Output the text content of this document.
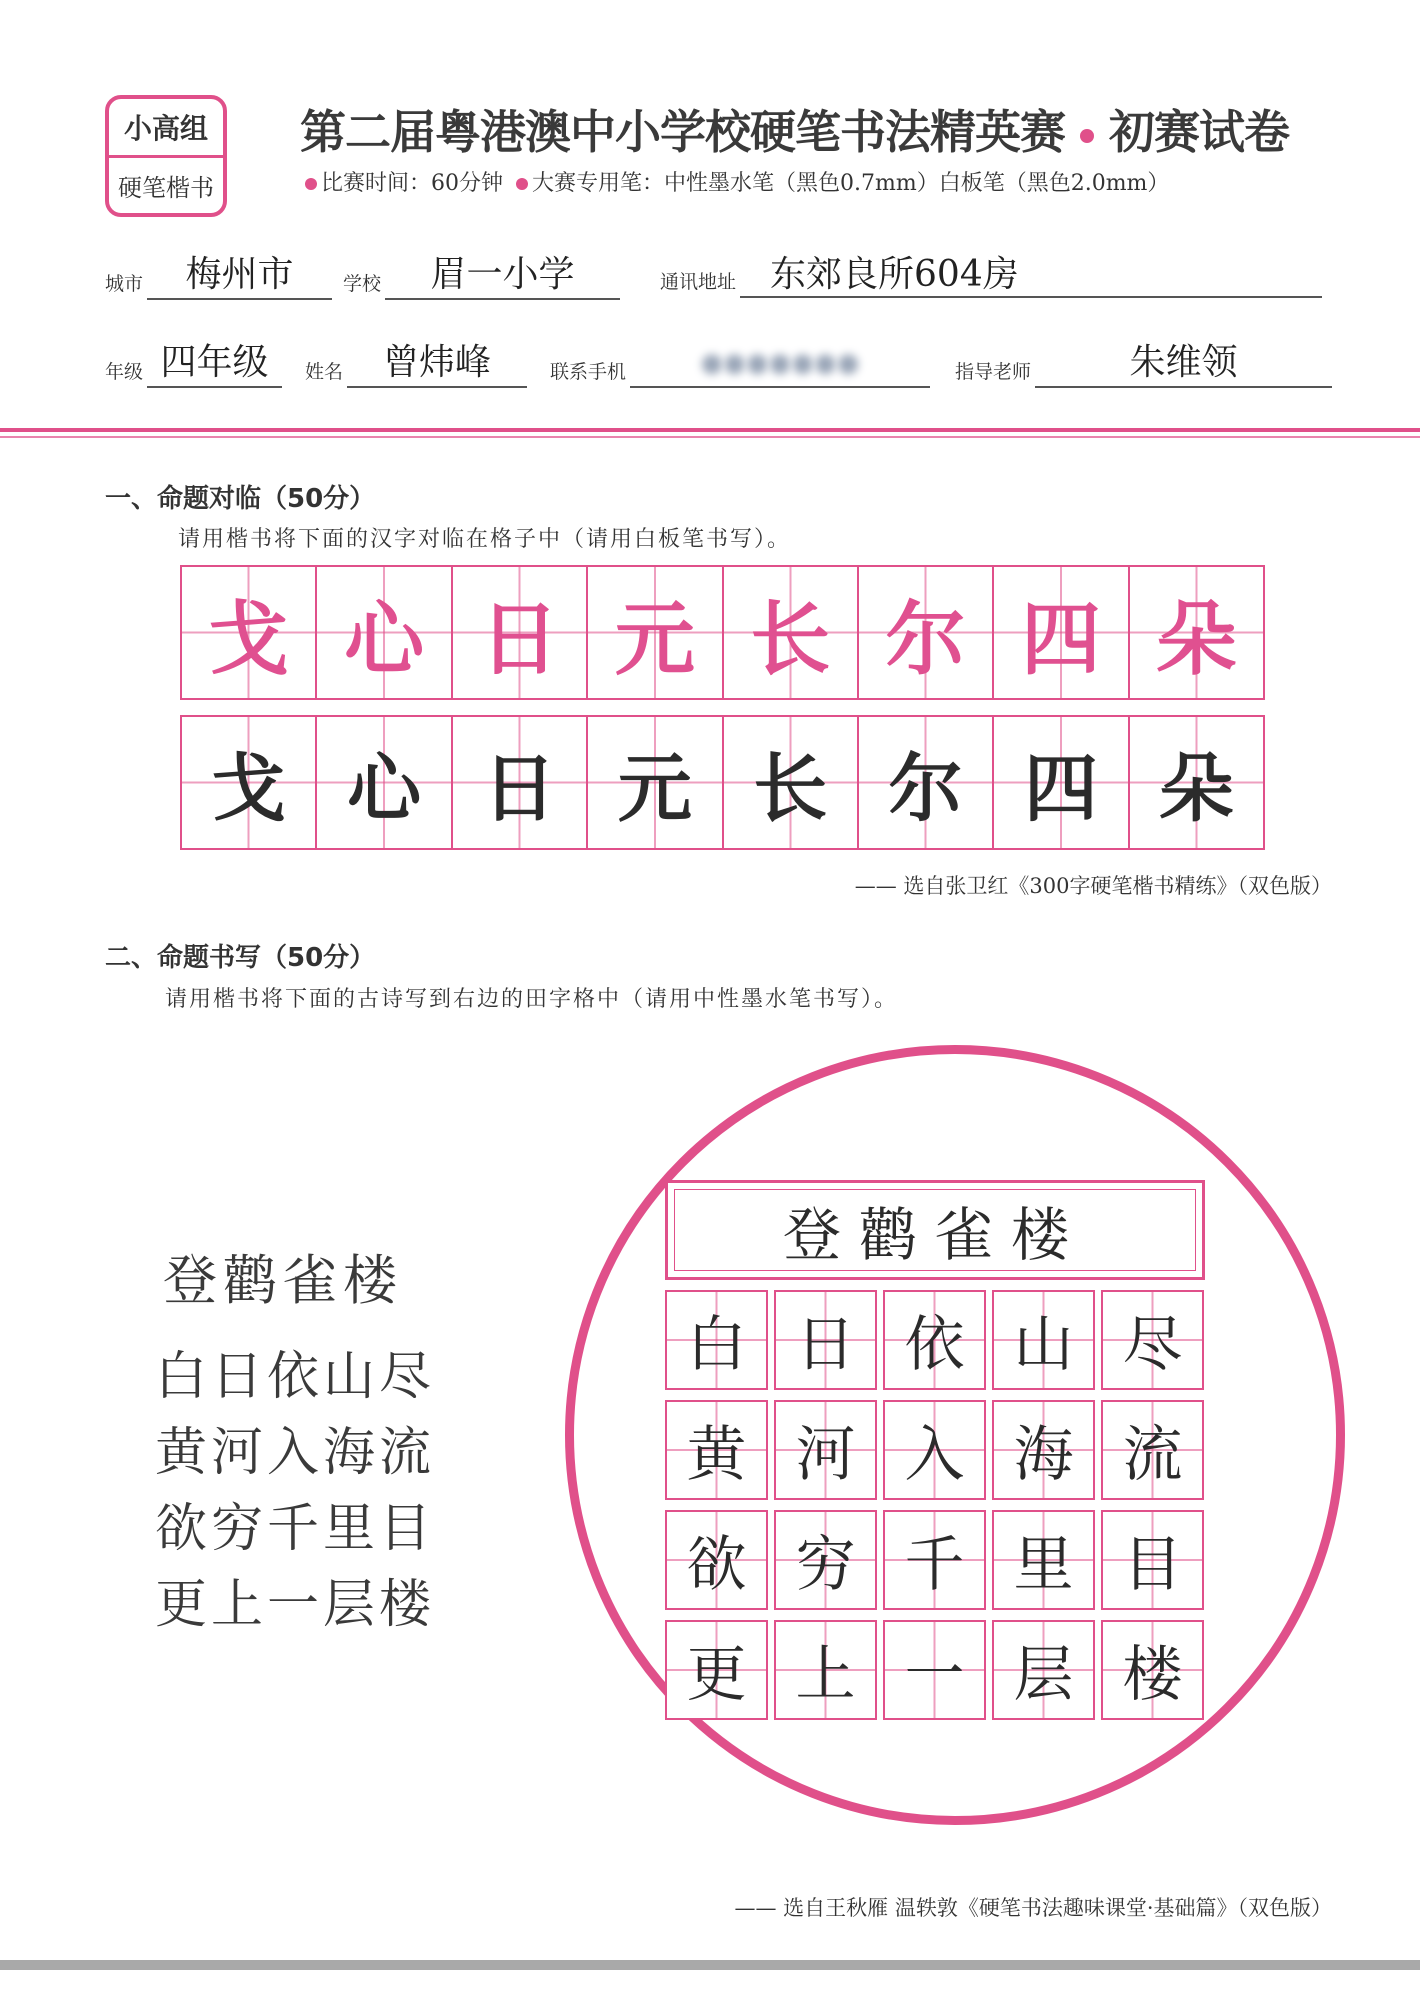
小高组
硬笔楷书
第二届粤港澳中小学校硬笔书法精英赛 初赛试卷
比赛时间：60分钟 大赛专用笔：中性墨水笔（黑色0.7mm）白板笔（黑色2.0mm）
城市	梅州市	学校	眉一小学	通讯地址 东郊良所604房
年级 四年级	姓名	曾炜峰	联系手机	●●●●●●●	指导老师	朱维领
一、命题对临（50分）
请用楷书将下面的汉字对临在格子中（请用白板笔书写）。
戈 心 日 元 长 尔 四 朵
戈 心 日 元 长 尔 四 朵
—— 选自张卫红《300字硬笔楷书精练》（双色版）
二、命题书写（50分）
请用楷书将下面的古诗写到右边的田字格中（请用中性墨水笔书写）。
登鹳雀楼
白日依山尽
黄河入海流
欲穷千里目
更上一层楼
登鹳雀楼
白 日 依 山 尽
黄 河 入 海 流
欲 穷 千 里 目
更 上 一 层 楼
—— 选自王秋雁 温轶敦《硬笔书法趣味课堂·基础篇》（双色版）
